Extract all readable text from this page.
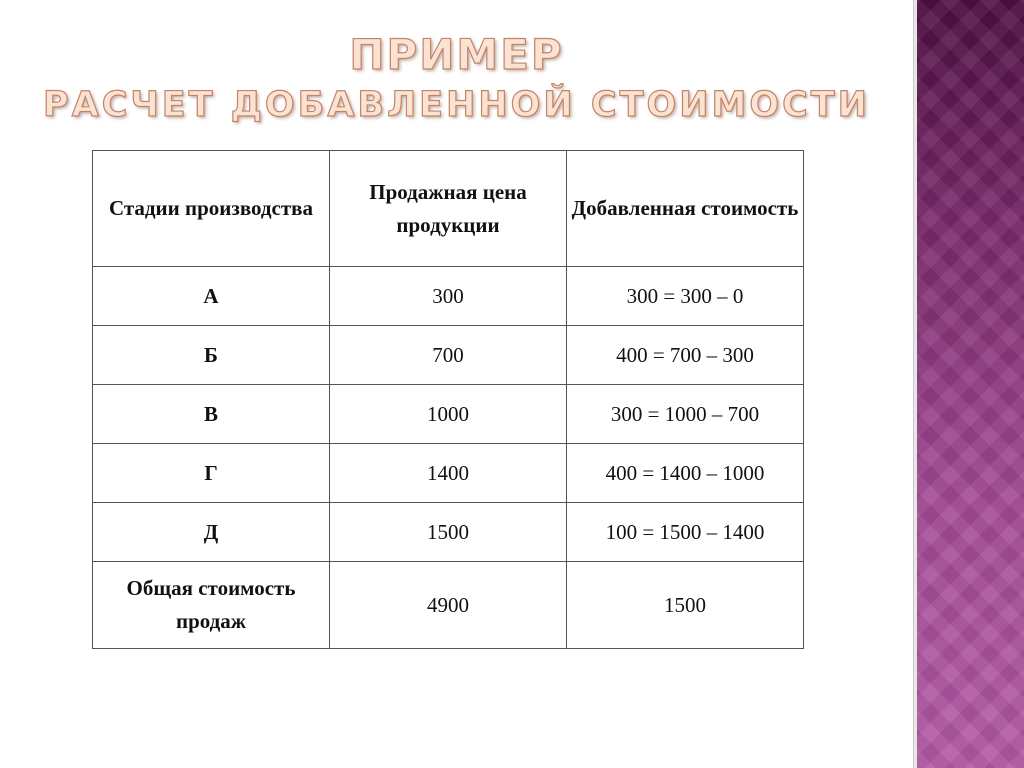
ПРИМЕР
РАСЧЕТ ДОБАВЛЕННОЙ СТОИМОСТИ
Стадии производства	Продажная цена продукции	Добавленная стоимость
А	300	300 = 300 – 0
Б	700	400 = 700 – 300
В	1000	300 = 1000 – 700
Г	1400	400 = 1400 – 1000
Д	1500	100 = 1500 – 1400
Общая стоимость продаж	4900	1500
